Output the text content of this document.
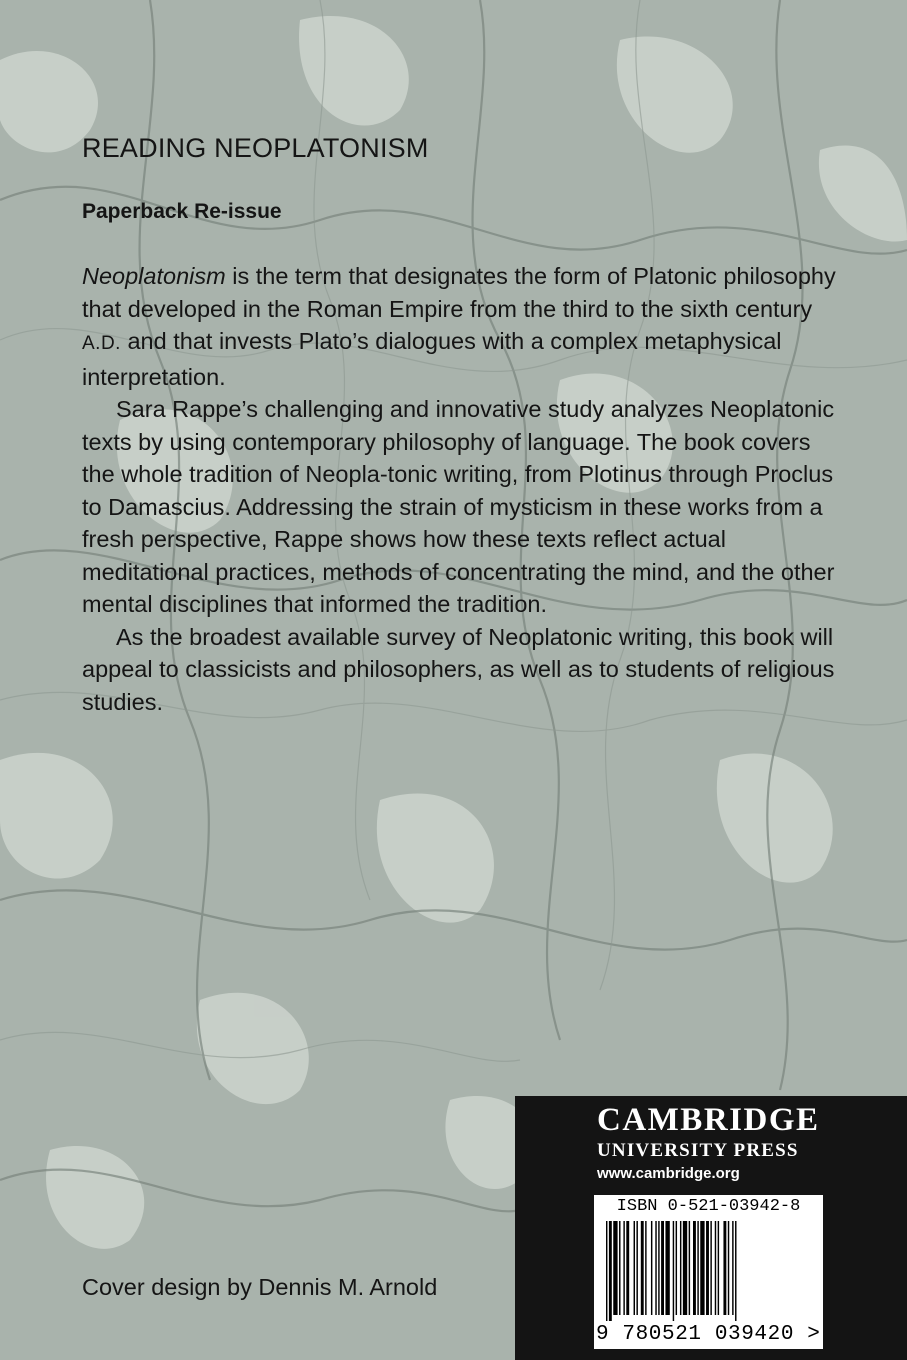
READING NEOPLATONISM
Paperback Re-issue

Neoplatonism is the term that designates the form of Platonic philosophy that developed in the Roman Empire from the third to the sixth century A.D. and that invests Plato’s dialogues with a complex metaphysical interpretation.

Sara Rappe’s challenging and innovative study analyzes Neoplatonic texts by using contemporary philosophy of language. The book covers the whole tradition of Neopla-tonic writing, from Plotinus through Proclus to Damascius. Addressing the strain of mysticism in these works from a fresh perspective, Rappe shows how these texts reflect actual meditational practices, methods of concentrating the mind, and the other mental disciplines that informed the tradition.

As the broadest available survey of Neoplatonic writing, this book will appeal to classicists and philosophers, as well as to students of religious studies.

Cover design by Dennis M. Arnold
CAMBRIDGE
UNIVERSITY PRESS
www.cambridge.org
ISBN 0-521-03942-8
9 780521 039420 >
